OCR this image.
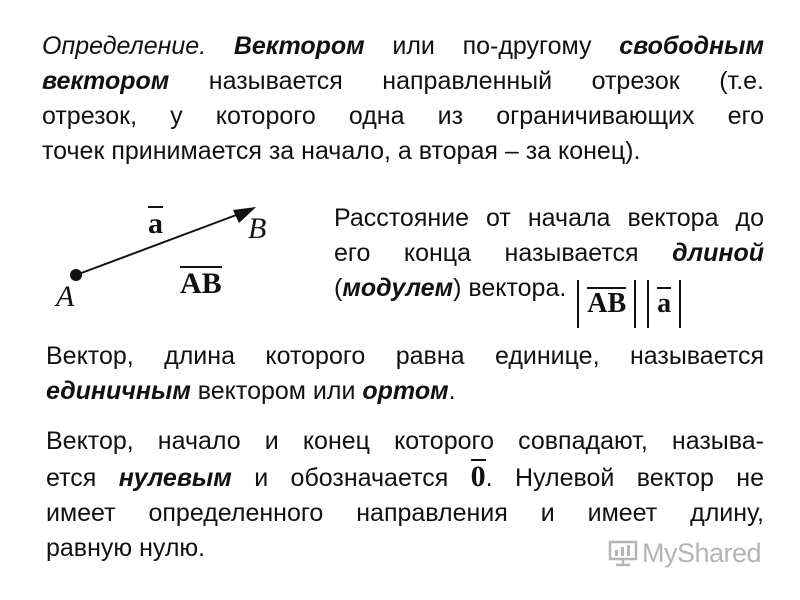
Определение. Вектором или по-другому свободным
вектором называется направленный отрезок (т.е.
отрезок, у которого одна из ограничивающих его
точек принимается за начало, а вторая – за конец).
a	B
A	AB
Расстояние от начала вектора до
его конца называется длиной
(модулем) вектора. AB a
Вектор, длина которого равна единице, называется
единичным вектором или ортом.
Вектор, начало и конец которого совпадают, называ-
ется нулевым и обозначается 0. Нулевой вектор не
имеет определенного направления и имеет длину,
равную нулю.	MyShared
